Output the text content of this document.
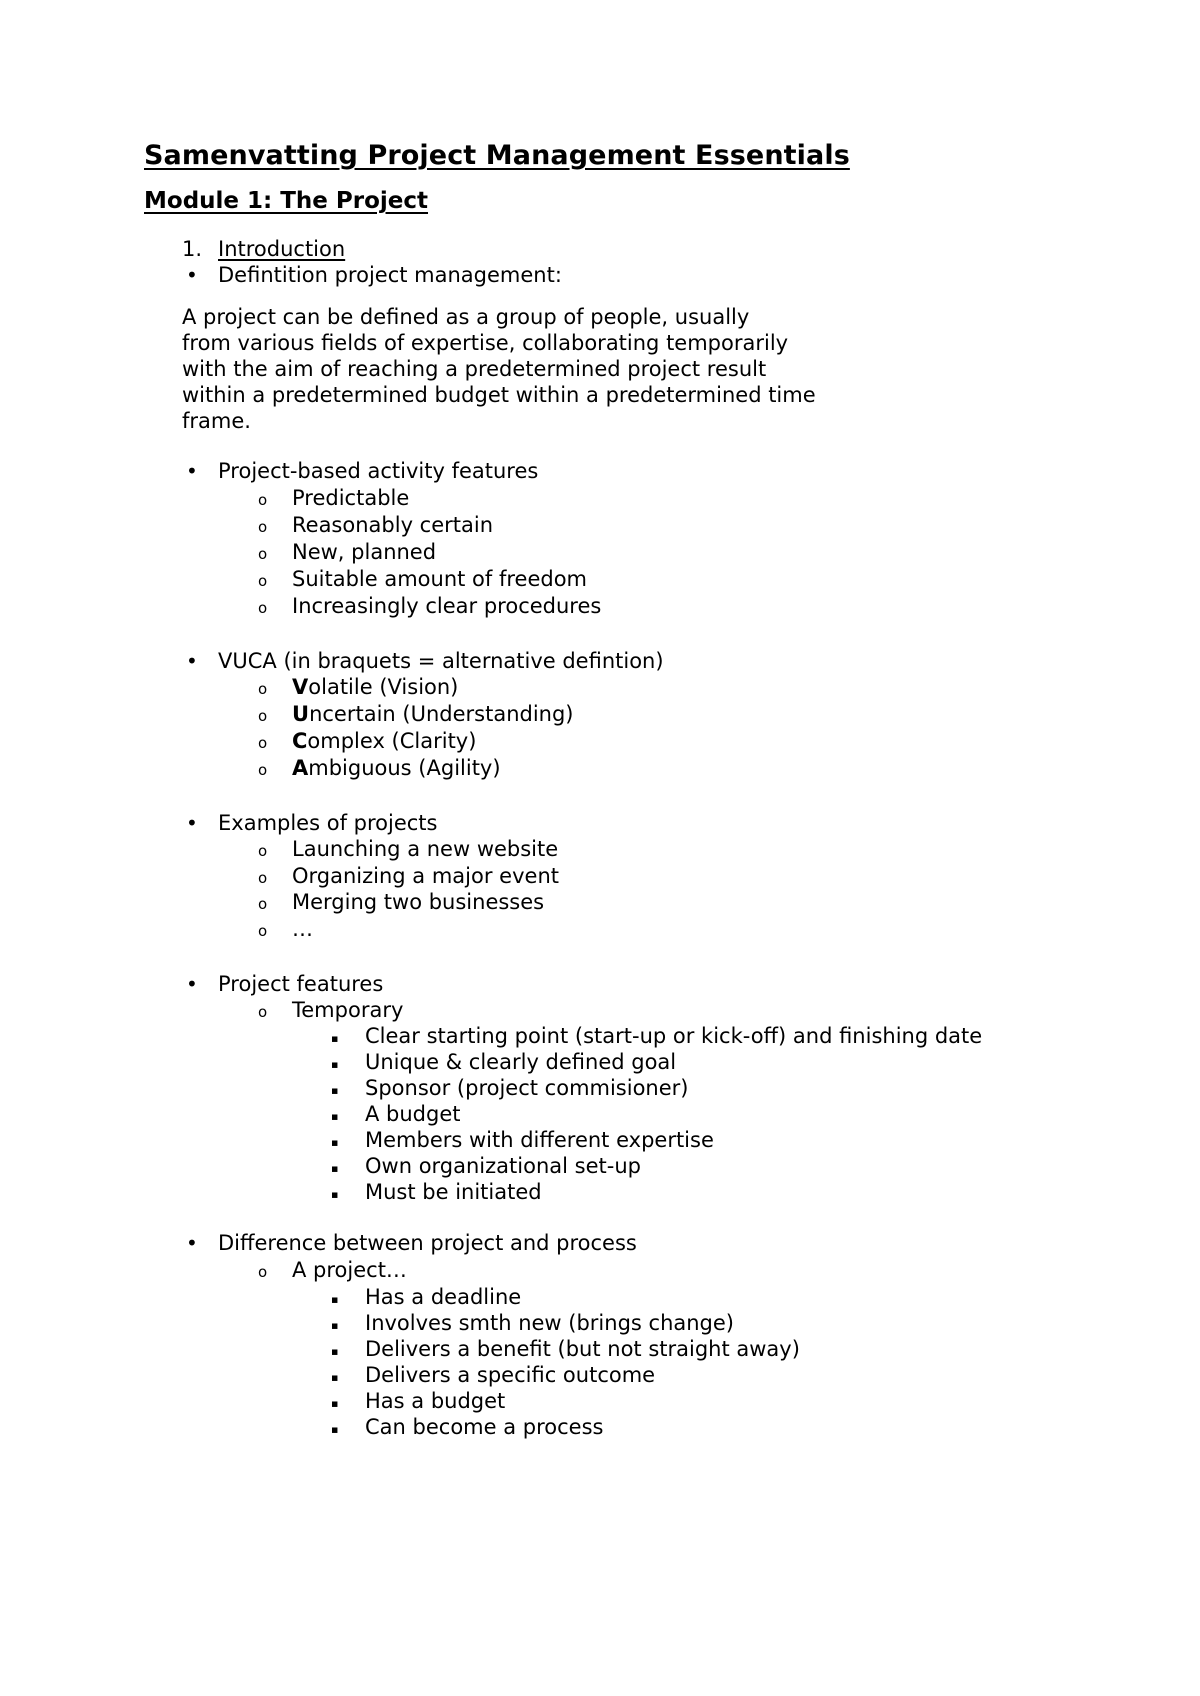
Samenvatting Project Management Essentials
Module 1: The Project
1. Introduction
• Defintition project management:
A project can be defined as a group of people, usually
from various fields of expertise, collaborating temporarily
with the aim of reaching a predetermined project result
within a predetermined budget within a predetermined time
frame.
• Project-based activity features
o Predictable
o Reasonably certain
o New, planned
o Suitable amount of freedom
o Increasingly clear procedures
• VUCA (in braquets = alternative defintion)
o Volatile (Vision)
o Uncertain (Understanding)
o Complex (Clarity)
o Ambiguous (Agility)
• Examples of projects
o Launching a new website
o Organizing a major event
o Merging two businesses
o …
• Project features
o Temporary
▪ Clear starting point (start-up or kick-off) and finishing date
▪ Unique & clearly defined goal
▪ Sponsor (project commisioner)
▪ A budget
▪ Members with different expertise
▪ Own organizational set-up
▪ Must be initiated
• Difference between project and process
o A project…
▪ Has a deadline
▪ Involves smth new (brings change)
▪ Delivers a benefit (but not straight away)
▪ Delivers a specific outcome
▪ Has a budget
▪ Can become a process
